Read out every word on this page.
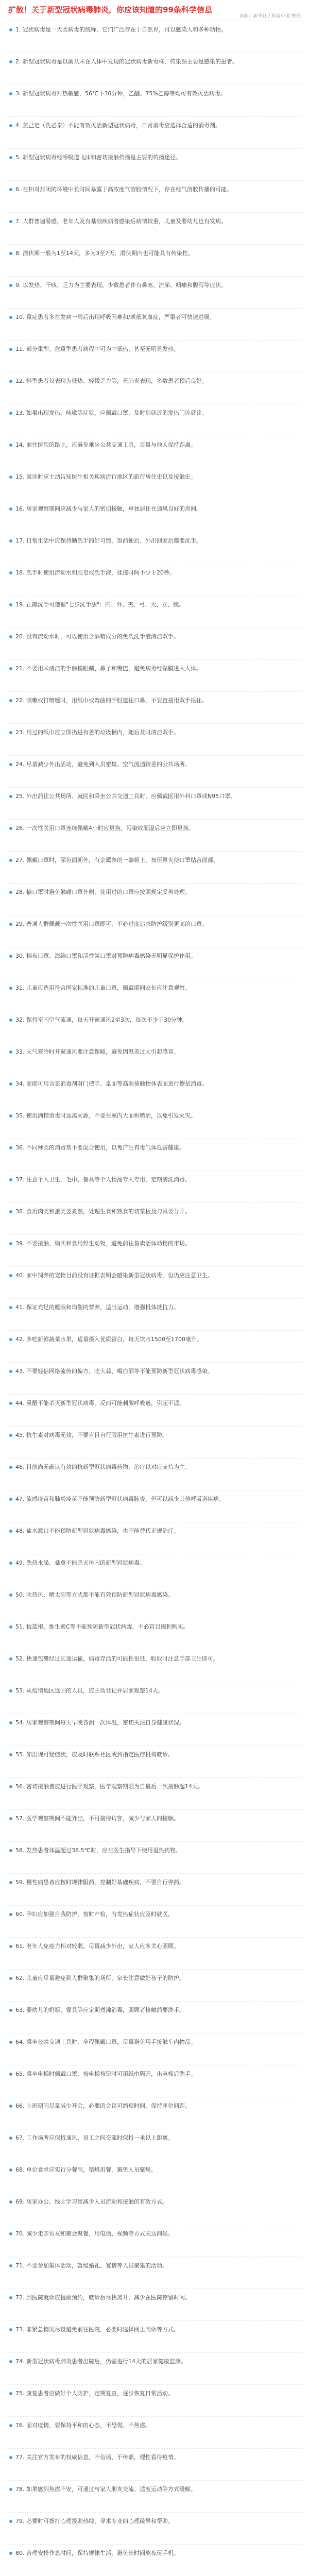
扩散！关于新型冠状病毒肺炎，你应该知道的99条科学信息
来源：新华社 / 科普中国 整理
1. 冠状病毒是一大类病毒的统称，它们广泛存在于自然界，可以感染人和多种动物。
2. 新型冠状病毒是以前从未在人体中发现的冠状病毒新毒株，传染源主要是感染的患者。
3. 新型冠状病毒对热敏感，56℃下30分钟，乙醚、75%乙醇等均可有效灭活病毒。
4. 氯己定（洗必泰）不能有效灭活新型冠状病毒，日常消毒应选择合适的消毒剂。
5. 新型冠状病毒经呼吸道飞沫和密切接触传播是主要的传播途径。
6. 在相对封闭的环境中长时间暴露于高浓度气溶胶情况下，存在经气溶胶传播的可能。
7. 人群普遍易感，老年人及有基础疾病者感染后病情较重，儿童及婴幼儿也有发病。
8. 潜伏期一般为1至14天，多为3至7天，潜伏期内也可能具有传染性。
9. 以发热、干咳、乏力为主要表现，少数患者伴有鼻塞、流涕、咽痛和腹泻等症状。
10. 重症患者多在发病一周后出现呼吸困难和/或低氧血症，严重者可快速进展。
11. 部分重型、危重型患者病程中可为中低热，甚至无明显发热。
12. 轻型患者仅表现为低热、轻微乏力等，无肺炎表现，多数患者预后良好。
13. 如果出现发热、咳嗽等症状，应佩戴口罩，及时到就近的发热门诊就诊。
14. 前往医院的路上，应避免乘坐公共交通工具，尽量与他人保持距离。
15. 就诊时应主动告知医生相关疾病流行地区的旅行居住史以及接触史。
16. 居家观察期间应减少与家人的密切接触，单独居住在通风良好的房间。
17. 日常生活中应保持勤洗手的好习惯，饭前便后、外出回家后都要洗手。
18. 洗手时使用流动水和肥皂或洗手液，揉搓时间不少于20秒。
19. 正确洗手可遵循"七步洗手法"：内、外、夹、弓、大、立、腕。
20. 没有流动水时，可以使用含酒精成分的免洗洗手液清洁双手。
21. 不要用未清洁的手触摸眼睛、鼻子和嘴巴，避免病毒经黏膜进入人体。
22. 咳嗽或打喷嚏时，用纸巾或弯曲的手肘遮住口鼻，不要直接用双手捂住。
23. 用过的纸巾应立即扔进有盖的垃圾桶内，随后及时清洁双手。
24. 尽量减少外出活动，避免到人员密集、空气流通较差的公共场所。
25. 外出前往公共场所、就医和乘坐公共交通工具时，应佩戴医用外科口罩或N95口罩。
26. 一次性医用口罩连续佩戴4小时应更换，污染或潮湿后应立即更换。
27. 佩戴口罩时，深色面朝外，有金属条的一端朝上，按压鼻夹使口罩贴合面部。
28. 摘口罩时避免触碰口罩外侧，使用过的口罩应按照规定妥善处理。
29. 普通人群佩戴一次性医用口罩即可，不必过度追求防护级别更高的口罩。
30. 棉布口罩、海绵口罩和活性炭口罩对预防病毒感染无明显保护作用。
31. 儿童应选用符合国家标准的儿童口罩，佩戴期间家长应注意观察。
32. 保持室内空气流通，每天开窗通风2至3次，每次不少于30分钟。
33. 天气寒冷时开窗通风要注意保暖，避免因温差过大引起感冒。
34. 家庭可用含氯消毒剂对门把手、桌面等高频接触物体表面进行擦拭消毒。
35. 使用酒精消毒时远离火源，不要在室内大面积喷洒，以免引发火灾。
36. 不同种类的消毒剂不要混合使用，以免产生有毒气体危害健康。
37. 注意个人卫生，毛巾、餐具等个人物品专人专用，定期清洗消毒。
38. 食用肉类和蛋类要煮熟，处理生食和熟食的切菜板及刀具要分开。
39. 不要接触、购买和食用野生动物，避免前往售卖活体动物的市场。
40. 家中饲养的宠物目前没有证据表明会感染新型冠状病毒，但仍应注意卫生。
41. 保证充足的睡眠和均衡的营养，适当运动，增强机体抵抗力。
42. 多吃新鲜蔬菜水果，适量摄入优质蛋白，每天饮水1500至1700毫升。
43. 不要轻信网络流传的偏方，吃大蒜、喝白酒等不能预防新型冠状病毒感染。
44. 熏醋不能杀灭新型冠状病毒，反而可能刺激呼吸道，引起不适。
45. 抗生素对病毒无效，不要盲目自行服用抗生素进行预防。
46. 目前尚无确认有效的抗新型冠状病毒药物，治疗以对症支持为主。
47. 流感疫苗和肺炎疫苗不能预防新型冠状病毒肺炎，但可以减少其他呼吸道疾病。
48. 盐水漱口不能预防新型冠状病毒感染，也不能替代正规治疗。
49. 洗热水澡、桑拿不能杀灭体内的新型冠状病毒。
50. 吹热风、晒太阳等方式都不能有效预防新型冠状病毒感染。
51. 板蓝根、维生素C等不能预防新型冠状病毒，不必盲目囤积购买。
52. 快递包裹经过长途运输，病毒存活的可能性很低，收取时注意手部卫生即可。
53. 从疫情地区返回的人员，应主动登记并居家观察14天。
54. 居家观察期间每天早晚各测一次体温，密切关注自身健康状况。
55. 如出现可疑症状，应及时联系社区或到指定医疗机构就诊。
56. 密切接触者应进行医学观察，医学观察期限为自最后一次接触起14天。
57. 医学观察期间不能外出，不可接待访客，减少与家人的接触。
58. 发热患者体温超过38.5℃时，应在医生指导下使用退热药物。
59. 慢性病患者应按时规律服药，控制好基础疾病，不要自行停药。
60. 孕妇应加强自我防护，按时产检，有发热症状应及时就医。
61. 老年人免疫力相对较弱，尽量减少外出，家人应多关心照顾。
62. 儿童应尽量避免到人群聚集的场所，家长注意做好孩子的防护。
63. 婴幼儿的奶瓶、餐具等应定期煮沸消毒，照顾者接触前要洗手。
64. 乘坐公共交通工具时，全程佩戴口罩，尽量避免用手接触车内物品。
65. 乘坐电梯时佩戴口罩，按电梯按钮时可用纸巾隔开，出电梯后洗手。
66. 上班期间尽量减少开会，必要的会议可缩短时间，保持座位间距。
67. 工作场所应保持通风，员工之间交流时保持一米以上距离。
68. 单位食堂应实行分餐制，错峰用餐，避免人员聚集。
69. 居家办公、线上学习是减少人员流动和接触的有效方式。
70. 减少走亲访友和聚会聚餐，用电话、视频等方式表达问候。
71. 不要参加集体活动，暂缓婚礼、宴请等人员聚集的活动。
72. 到医院就诊应提前预约，就诊后尽快离开，减少在医院停留时间。
73. 非紧急情况尽量避免前往医院，必要时选择网上问诊等方式。
74. 新型冠状病毒肺炎患者出院后，仍需进行14天的居家健康监测。
75. 康复患者应做好个人防护，定期复查，逐步恢复日常活动。
76. 面对疫情，要保持平和的心态，不恐慌、不焦虑。
77. 关注官方发布的权威信息，不信谣、不传谣，理性看待疫情。
78. 如果感到焦虑不安，可通过与家人朋友交流、适度运动等方式缓解。
79. 必要时可拨打心理援助热线，寻求专业的心理疏导和帮助。
80. 合理安排作息时间，保持规律生活，避免长时间熬夜玩手机。
